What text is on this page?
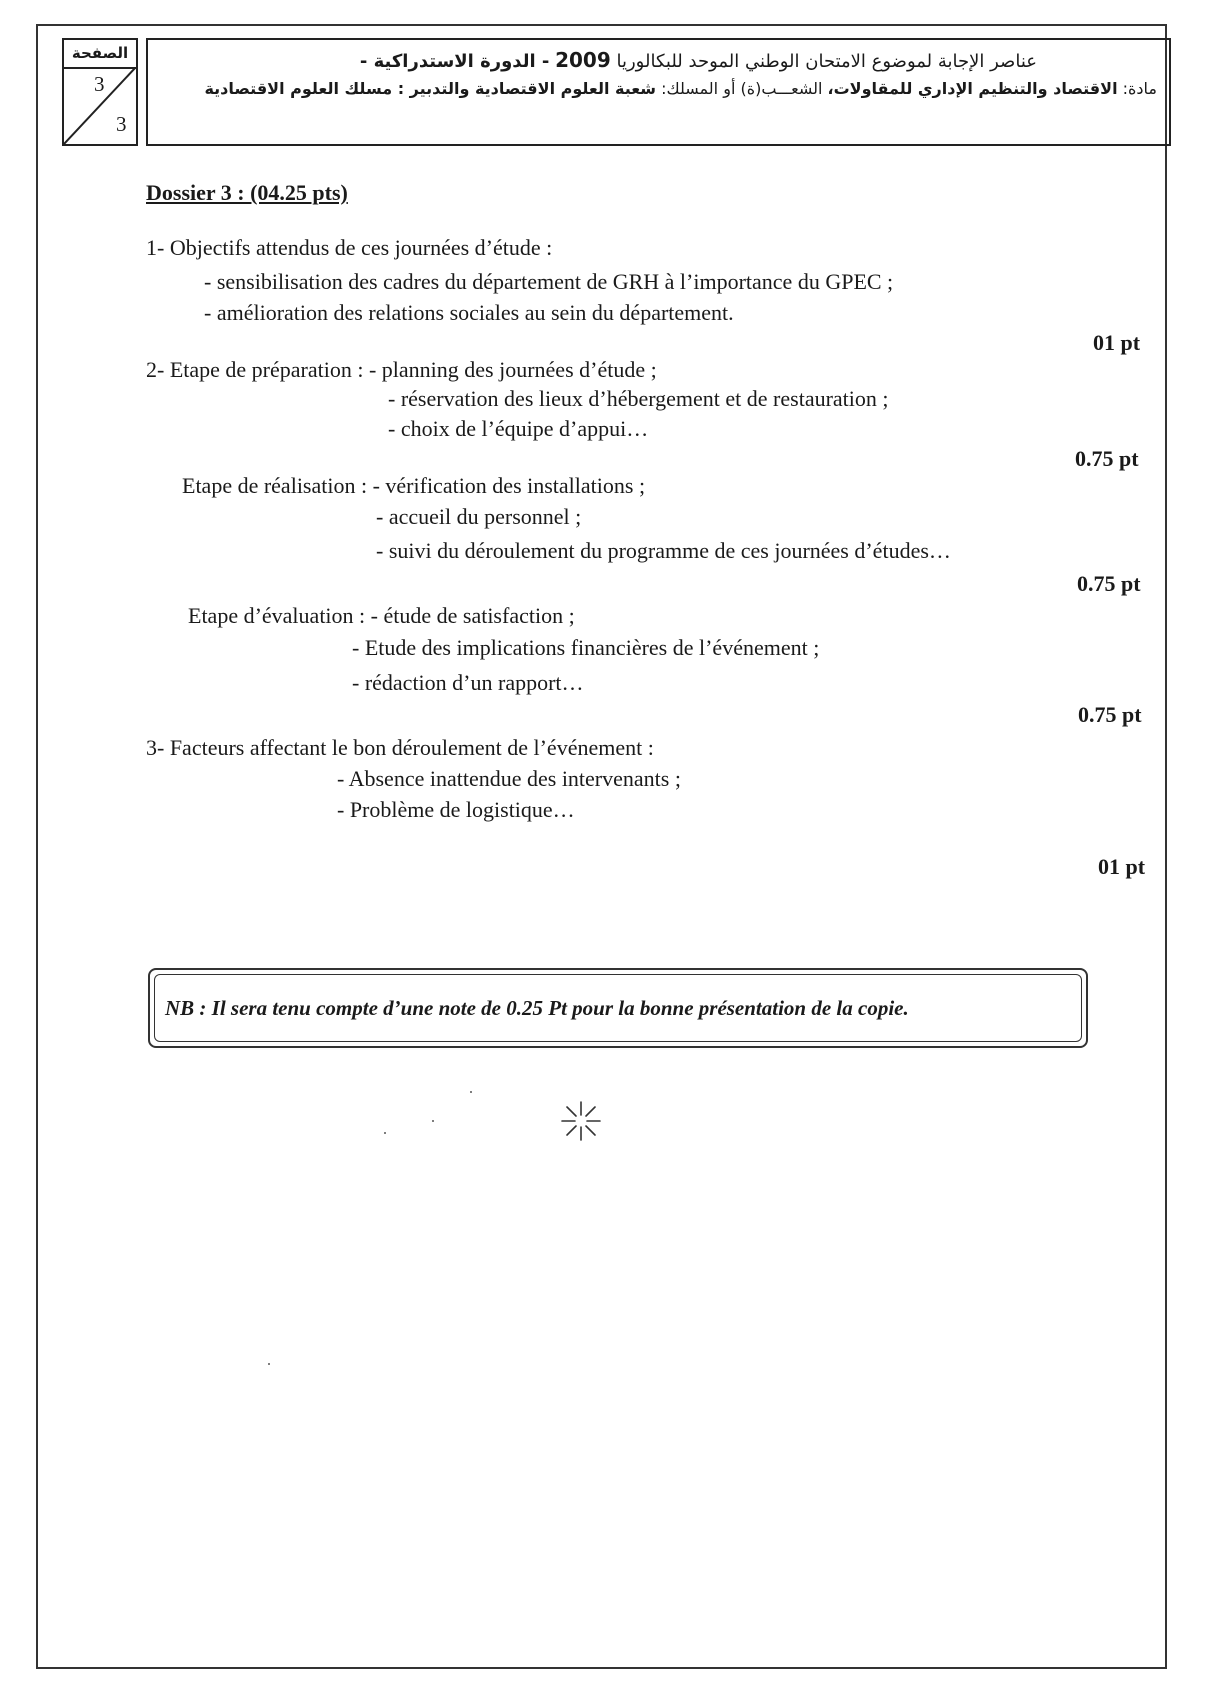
الصفحة
3
3
عناصر الإجابة لموضوع الامتحان الوطني الموحد للبكالوريا 2009 - الدورة الاستدراكية -
مادة: الاقتصاد والتنظيم الإداري للمقاولات، الشعـــب(ة) أو المسلك: شعبة العلوم الاقتصادية والتدبير : مسلك العلوم الاقتصادية
Dossier 3 : (04.25 pts)
1- Objectifs attendus de ces journées d’étude :
- sensibilisation des cadres du département de GRH à l’importance du GPEC ;
- amélioration des relations sociales au sein du département.
01 pt
2- Etape de préparation : - planning des journées d’étude ;
- réservation des lieux d’hébergement et de restauration ;
- choix de l’équipe d’appui…
0.75 pt
Etape de réalisation : - vérification des installations ;
- accueil du personnel ;
- suivi du déroulement du programme de ces journées d’études…
0.75 pt
Etape d’évaluation : - étude de satisfaction ;
- Etude des implications financières de l’événement ;
- rédaction d’un rapport…
0.75 pt
3- Facteurs affectant le bon déroulement de l’événement :
- Absence inattendue des intervenants ;
- Problème de logistique…
01 pt
NB : Il sera tenu compte d’une note de 0.25 Pt pour la bonne présentation de la copie.
